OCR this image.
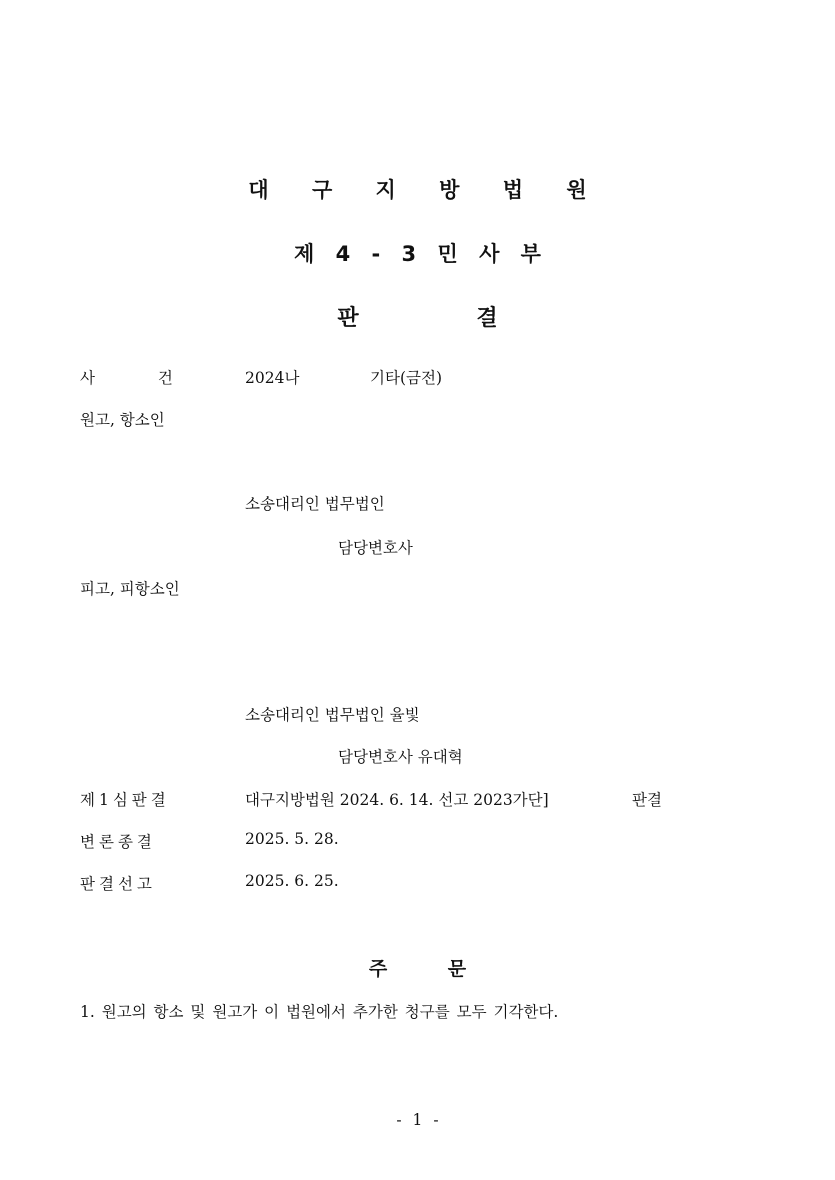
대 구 지 방 법 원
제 4 - 3 민 사 부
판 결
사 건	2024나	기타(금전)
원고, 항소인
소송대리인 법무법인
담당변호사
피고, 피항소인
소송대리인 법무법인 율빛
담당변호사 유대혁
제1심판결	대구지방법원 2024. 6. 14. 선고 2023가단]	판결
변론종결	2025. 5. 28.
판결선고	2025. 6. 25.
주 문
1. 원고의 항소 및 원고가 이 법원에서 추가한 청구를 모두 기각한다.
- 1 -
